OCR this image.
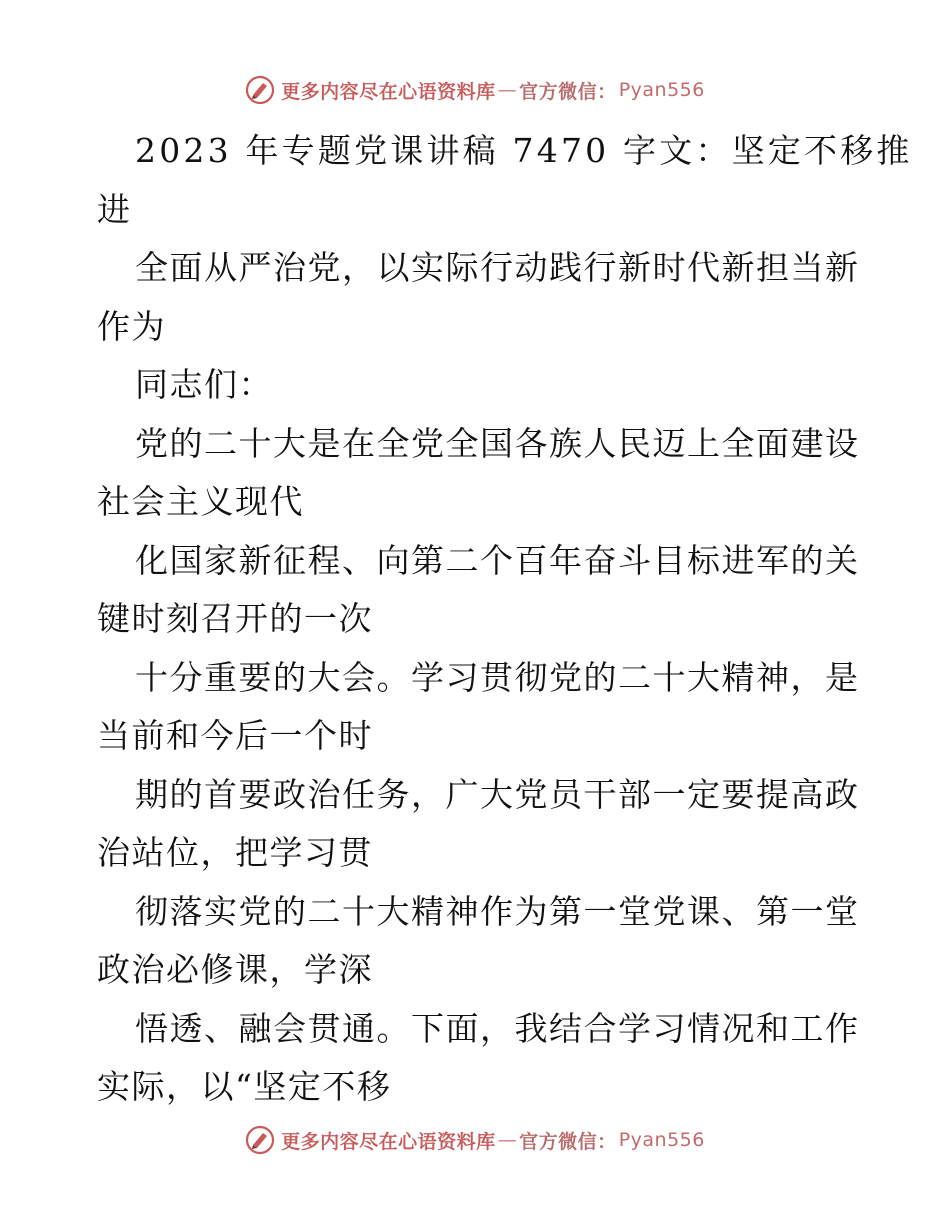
更多内容尽在心语资料库 — 官方微信： Pyan556
2023 年专题党课讲稿 7470 字文：坚定不移推
进
全面从严治党，以实际行动践行新时代新担当新
作为
同志们：
党的二十大是在全党全国各族人民迈上全面建设
社会主义现代
化国家新征程、向第二个百年奋斗目标进军的关
键时刻召开的一次
十分重要的大会。学习贯彻党的二十大精神，是
当前和今后一个时
期的首要政治任务，广大党员干部一定要提高政
治站位，把学习贯
彻落实党的二十大精神作为第一堂党课、第一堂
政治必修课，学深
悟透、融会贯通。下面，我结合学习情况和工作
实际，以“坚定不移
更多内容尽在心语资料库 — 官方微信： Pyan556
